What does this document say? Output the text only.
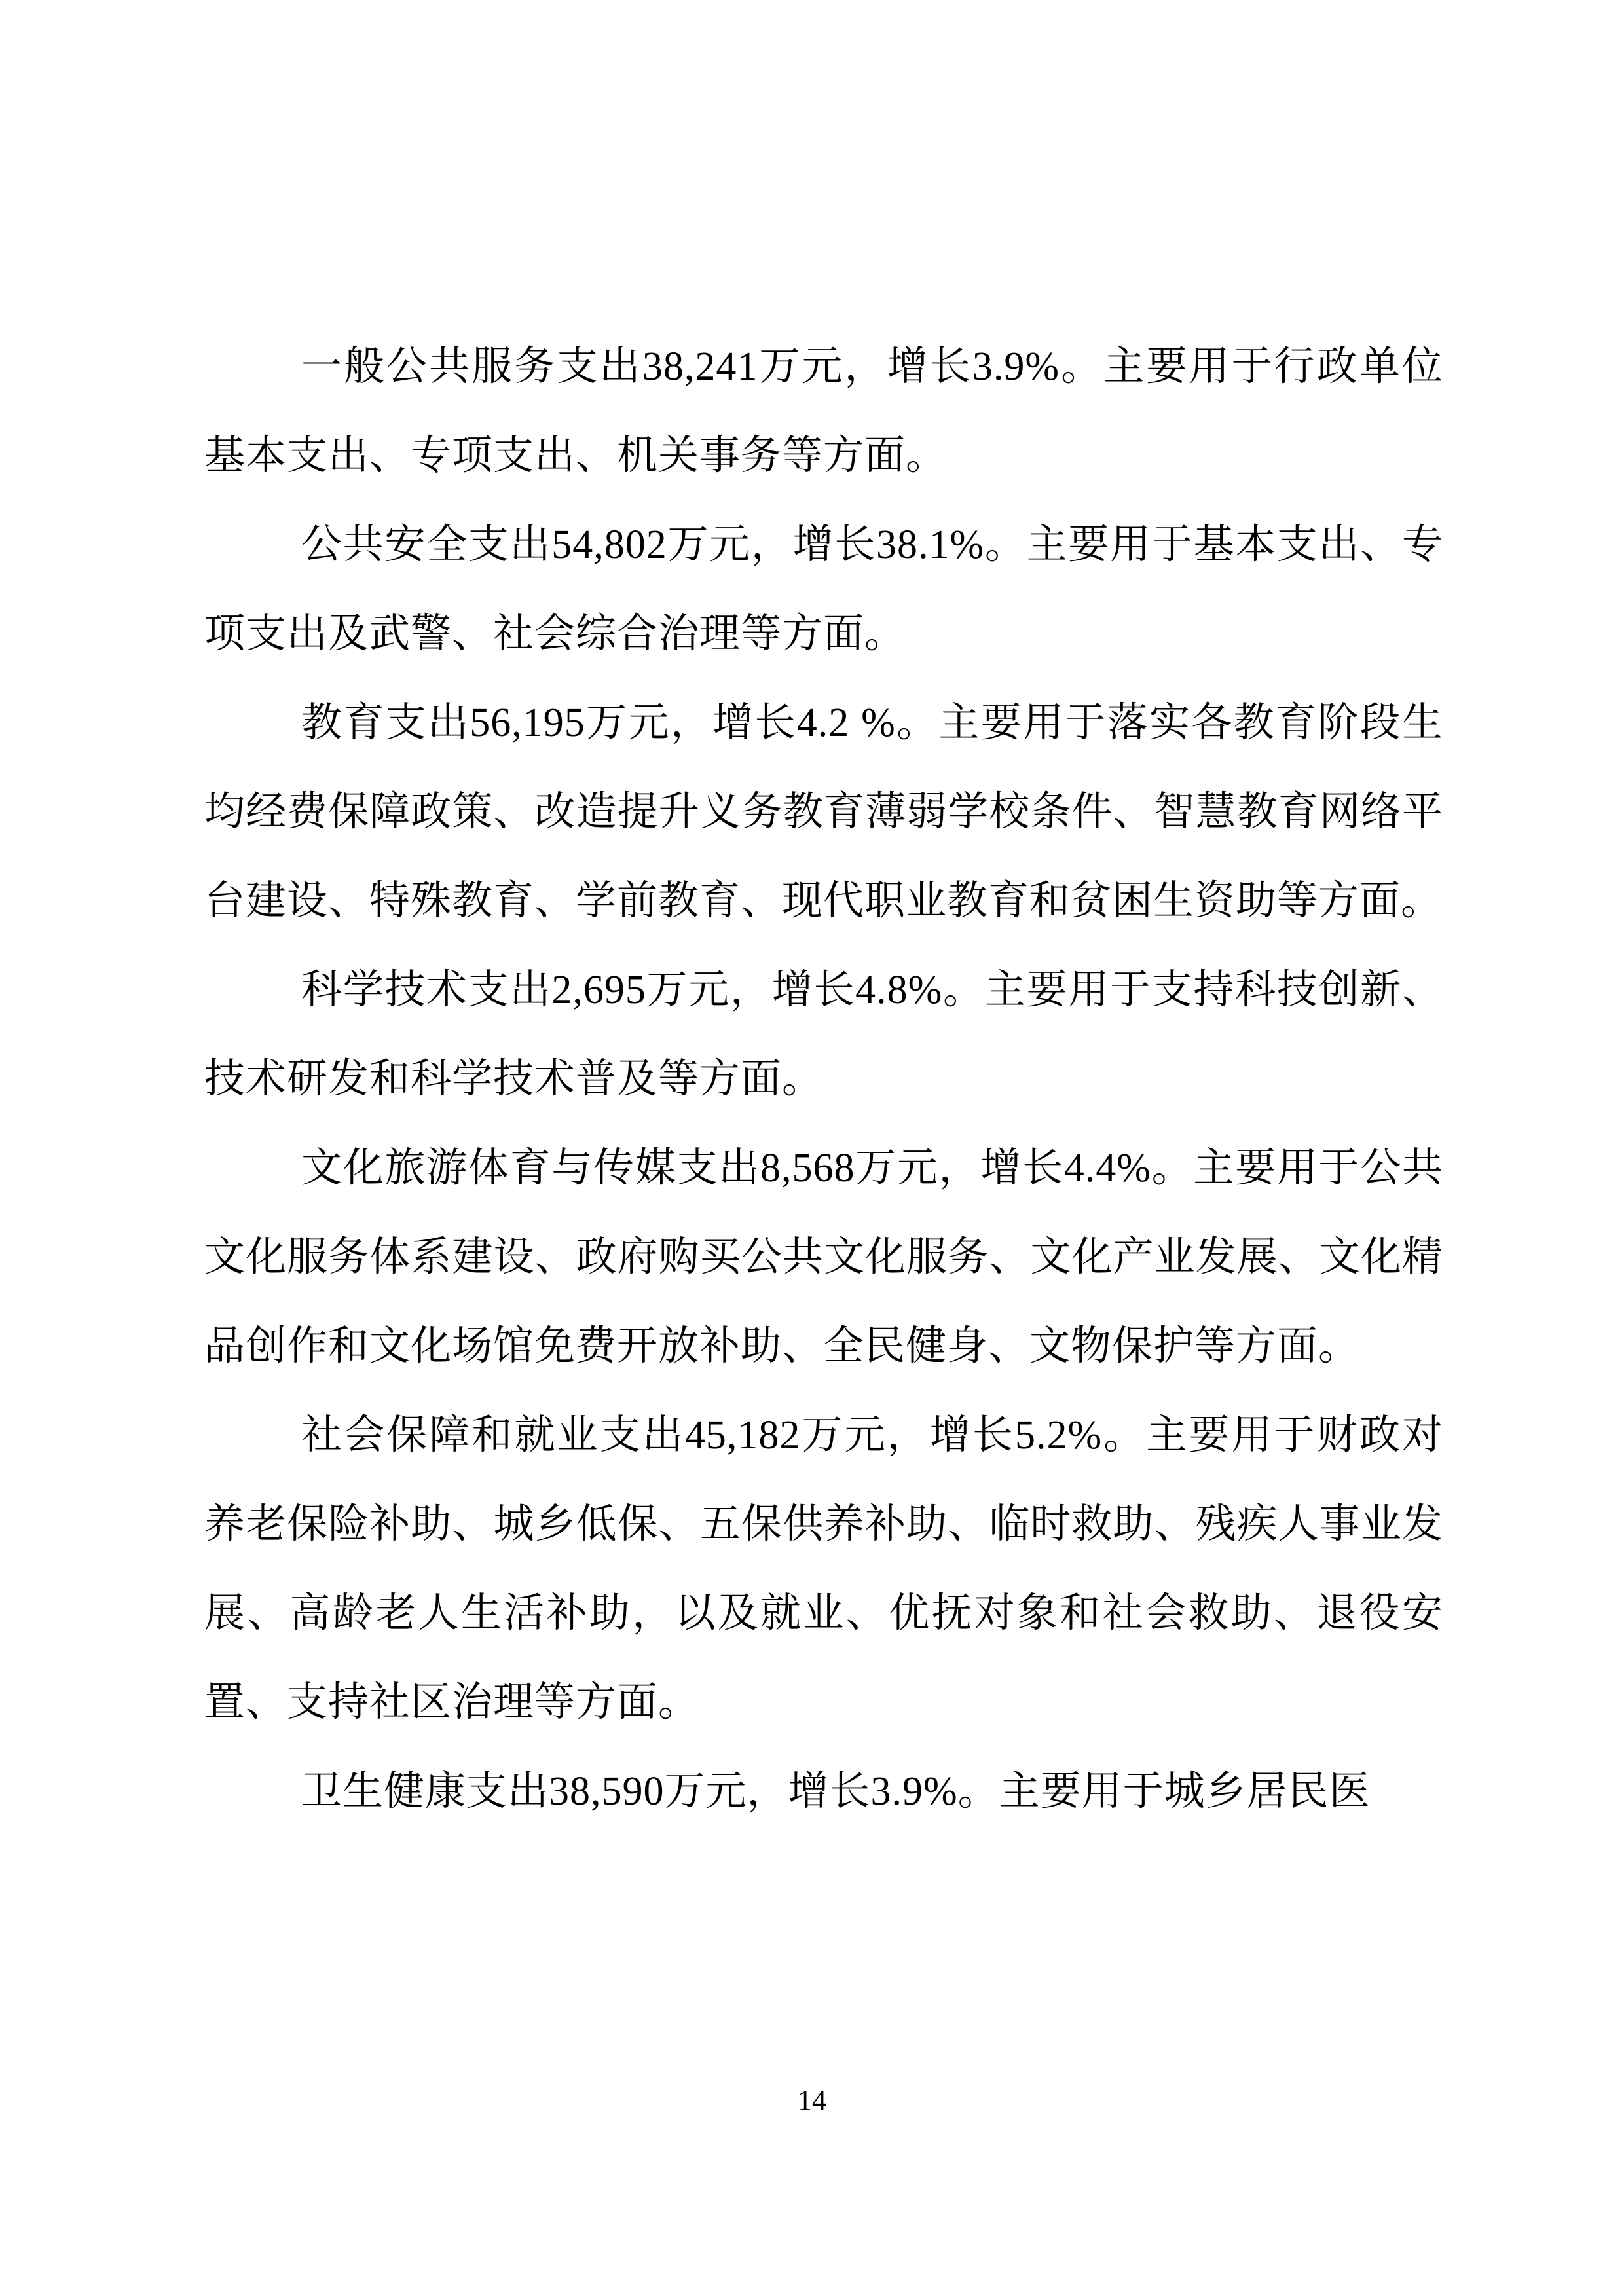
一般公共服务支出38,241万元，增长3.9%。主要用于行政单位基本支出、专项支出、机关事务等方面。

公共安全支出54,802万元，增长38.1%。主要用于基本支出、专项支出及武警、社会综合治理等方面。

教育支出56,195万元，增长4.2 %。主要用于落实各教育阶段生均经费保障政策、改造提升义务教育薄弱学校条件、智慧教育网络平台建设、特殊教育、学前教育、现代职业教育和贫困生资助等方面。

科学技术支出2,695万元，增长4.8%。主要用于支持科技创新、技术研发和科学技术普及等方面。

文化旅游体育与传媒支出8,568万元，增长4.4%。主要用于公共文化服务体系建设、政府购买公共文化服务、文化产业发展、文化精品创作和文化场馆免费开放补助、全民健身、文物保护等方面。

社会保障和就业支出45,182万元，增长5.2%。主要用于财政对养老保险补助、城乡低保、五保供养补助、临时救助、残疾人事业发展、高龄老人生活补助，以及就业、优抚对象和社会救助、退役安置、支持社区治理等方面。

卫生健康支出38,590万元，增长3.9%。主要用于城乡居民医

14
